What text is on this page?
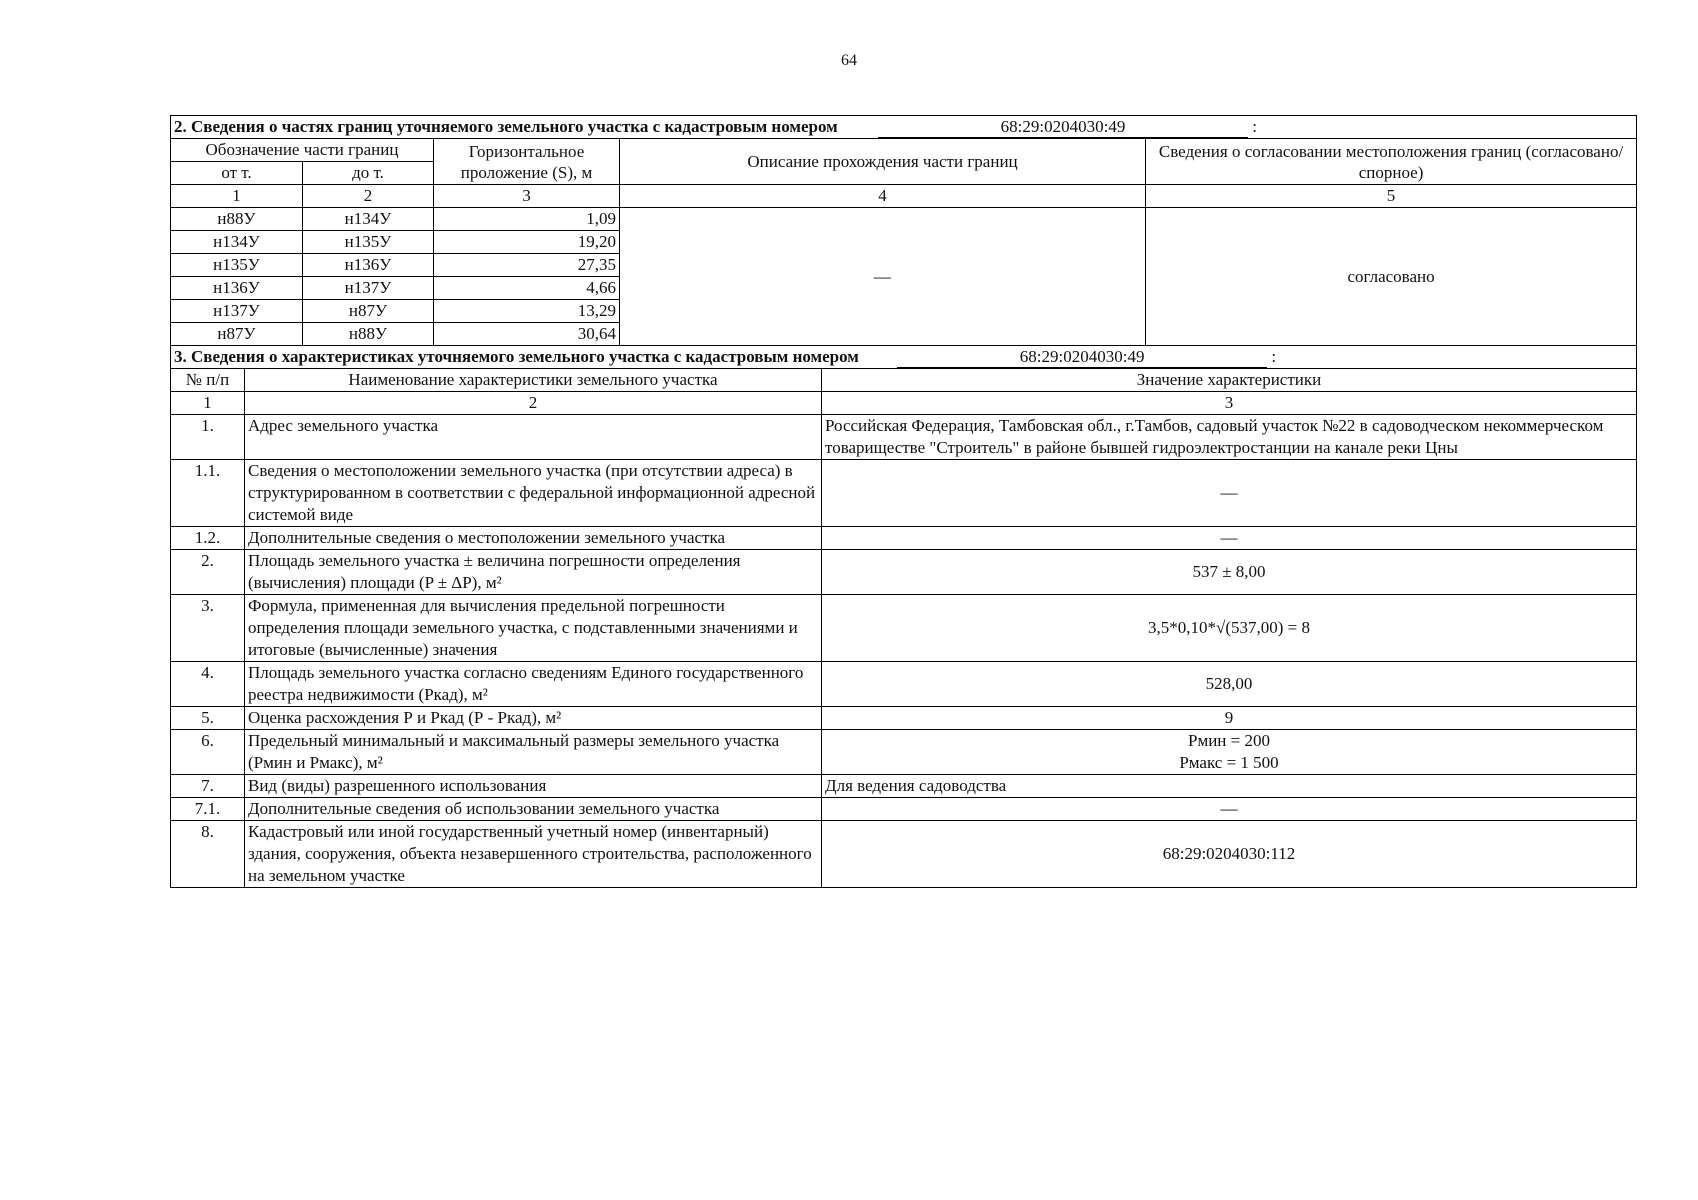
64
2. Сведения о частях границ уточняемого земельного участка с кадастровым номером 68:29:0204030:49 :				
Обозначение части границ		Горизонтальное проложение (S), м	Описание прохождения части границ	Сведения о согласовании местоположения границ (согласовано/спорное)
от т.	до т.			
1	2	3	4	5
н88У	н134У	1,09	—	согласовано
н134У	н135У	19,20		
н135У	н136У	27,35		
н136У	н137У	4,66		
н137У	н87У	13,29		
н87У	н88У	30,64		
3. Сведения о характеристиках уточняемого земельного участка с кадастровым номером 68:29:0204030:49 :		
№ п/п	Наименование характеристики земельного участка	Значение характеристики
1	2	3
1.	Адрес земельного участка	Российская Федерация, Тамбовская обл., г.Тамбов, садовый участок №22 в садоводческом некоммерческом товариществе "Строитель" в районе бывшей гидроэлектростанции на канале реки Цны
1.1.	Сведения о местоположении земельного участка (при отсутствии адреса) в структурированном в соответствии с федеральной информационной адресной системой виде	—
1.2.	Дополнительные сведения о местоположении земельного участка	—
2.	Площадь земельного участка ± величина погрешности определения (вычисления) площади (P ± ΔP), м²	537 ± 8,00
3.	Формула, примененная для вычисления предельной погрешности определения площади земельного участка, с подставленными значениями и итоговые (вычисленные) значения	3,5*0,10*√(537,00) = 8
4.	Площадь земельного участка согласно сведениям Единого государственного реестра недвижимости (Ркад), м²	528,00
5.	Оценка расхождения Р и Ркад (Р - Ркад), м²	9
6.	Предельный минимальный и максимальный размеры земельного участка (Рмин и Рмакс), м²	Рмин = 200
Рмакс = 1 500

7.	Вид (виды) разрешенного использования	Для ведения садоводства
7.1.	Дополнительные сведения об использовании земельного участка	—
8.	Кадастровый или иной государственный учетный номер (инвентарный) здания, сооружения, объекта незавершенного строительства, расположенного на земельном участке	68:29:0204030:112
